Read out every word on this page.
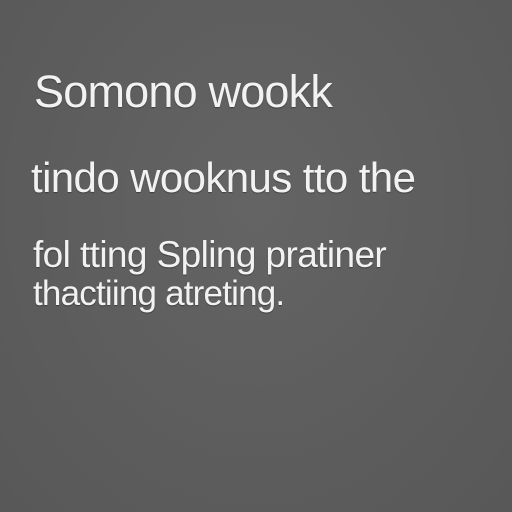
Somono wookk
tindo wooknus tto the
fol tting Spling pratiner
thactiing atreting.
